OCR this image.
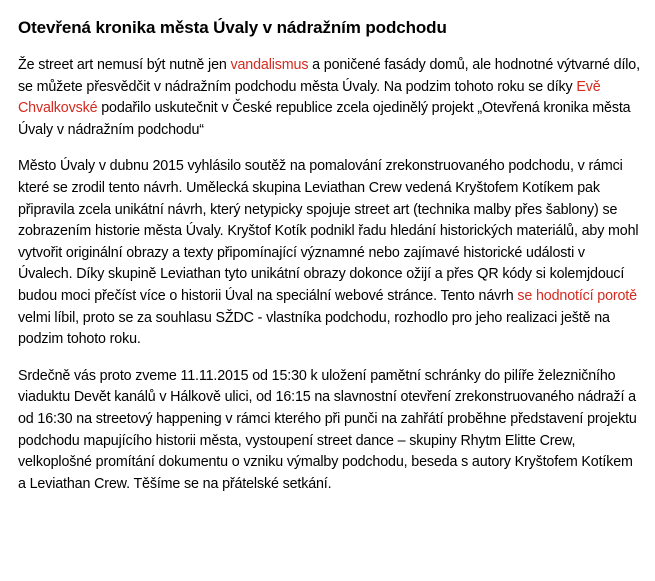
Otevřená kronika města Úvaly v nádražním podchodu

Že street art nemusí být nutně jen vandalismus a poničené fasády domů, ale hodnotné výtvarné dílo, se můžete přesvědčit v nádražním podchodu města Úvaly. Na podzim tohoto roku se díky Evě Chvalkovské podařilo uskutečnit v České republice zcela ojedinělý projekt „Otevřená kronika města Úvaly v nádražním podchodu“

Město Úvaly v dubnu 2015 vyhlásilo soutěž na pomalování zrekonstruovaného podchodu, v rámci které se zrodil tento návrh. Umělecká skupina Leviathan Crew vedená Kryštofem Kotíkem pak připravila zcela unikátní návrh, který netypicky spojuje street art (technika malby přes šablony) se zobrazením historie města Úvaly. Kryštof Kotík podnikl řadu hledání historických materiálů, aby mohl vytvořit originální obrazy a texty připomínající významné nebo zajímavé historické události v Úvalech. Díky skupině Leviathan tyto unikátní obrazy dokonce ožijí a přes QR kódy si kolemjdoucí budou moci přečíst více o historii Úval na speciální webové stránce. Tento návrh se hodnotící porotě velmi líbil, proto se za souhlasu SŽDC - vlastníka podchodu, rozhodlo pro jeho realizaci ještě na podzim tohoto roku.

Srdečně vás proto zveme 11.11.2015 od 15:30 k uložení pamětní schránky do pilíře železničního viaduktu Devět kanálů v Hálkově ulici, od 16:15 na slavnostní otevření zrekonstruovaného nádraží a od 16:30 na streetový happening v rámci kterého při punči na zahřátí proběhne představení projektu podchodu mapujícího historii města, vystoupení street dance – skupiny Rhytm Elitte Crew, velkoplošné promítání dokumentu o vzniku výmalby podchodu, beseda s autory Kryštofem Kotíkem a Leviathan Crew. Těšíme se na přátelské setkání.
